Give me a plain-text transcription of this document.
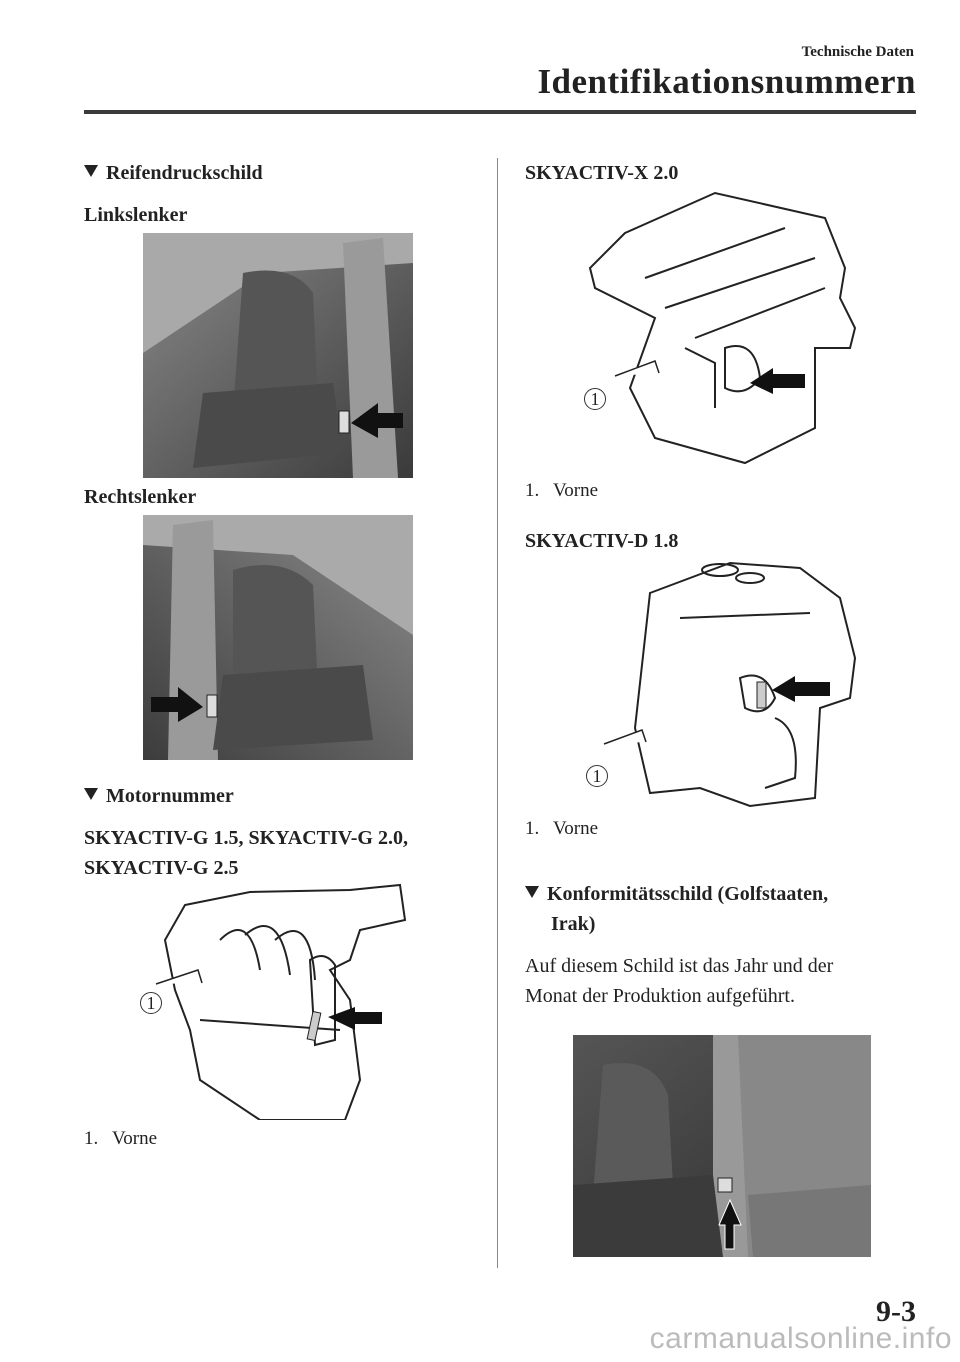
Technische Daten
Identifikationsnummern
Reifendruckschild
Linkslenker
Rechtslenker
Motornummer
SKYACTIV-G 1.5, SKYACTIV-G 2.0,
SKYACTIV-G 2.5
1
1. Vorne
SKYACTIV-X 2.0
1
1. Vorne
SKYACTIV-D 1.8
1
1. Vorne
Konformitätsschild (Golfstaaten,
Irak)
Auf diesem Schild ist das Jahr und der
Monat der Produktion aufgeführt.
9-3
carmanualsonline.info
